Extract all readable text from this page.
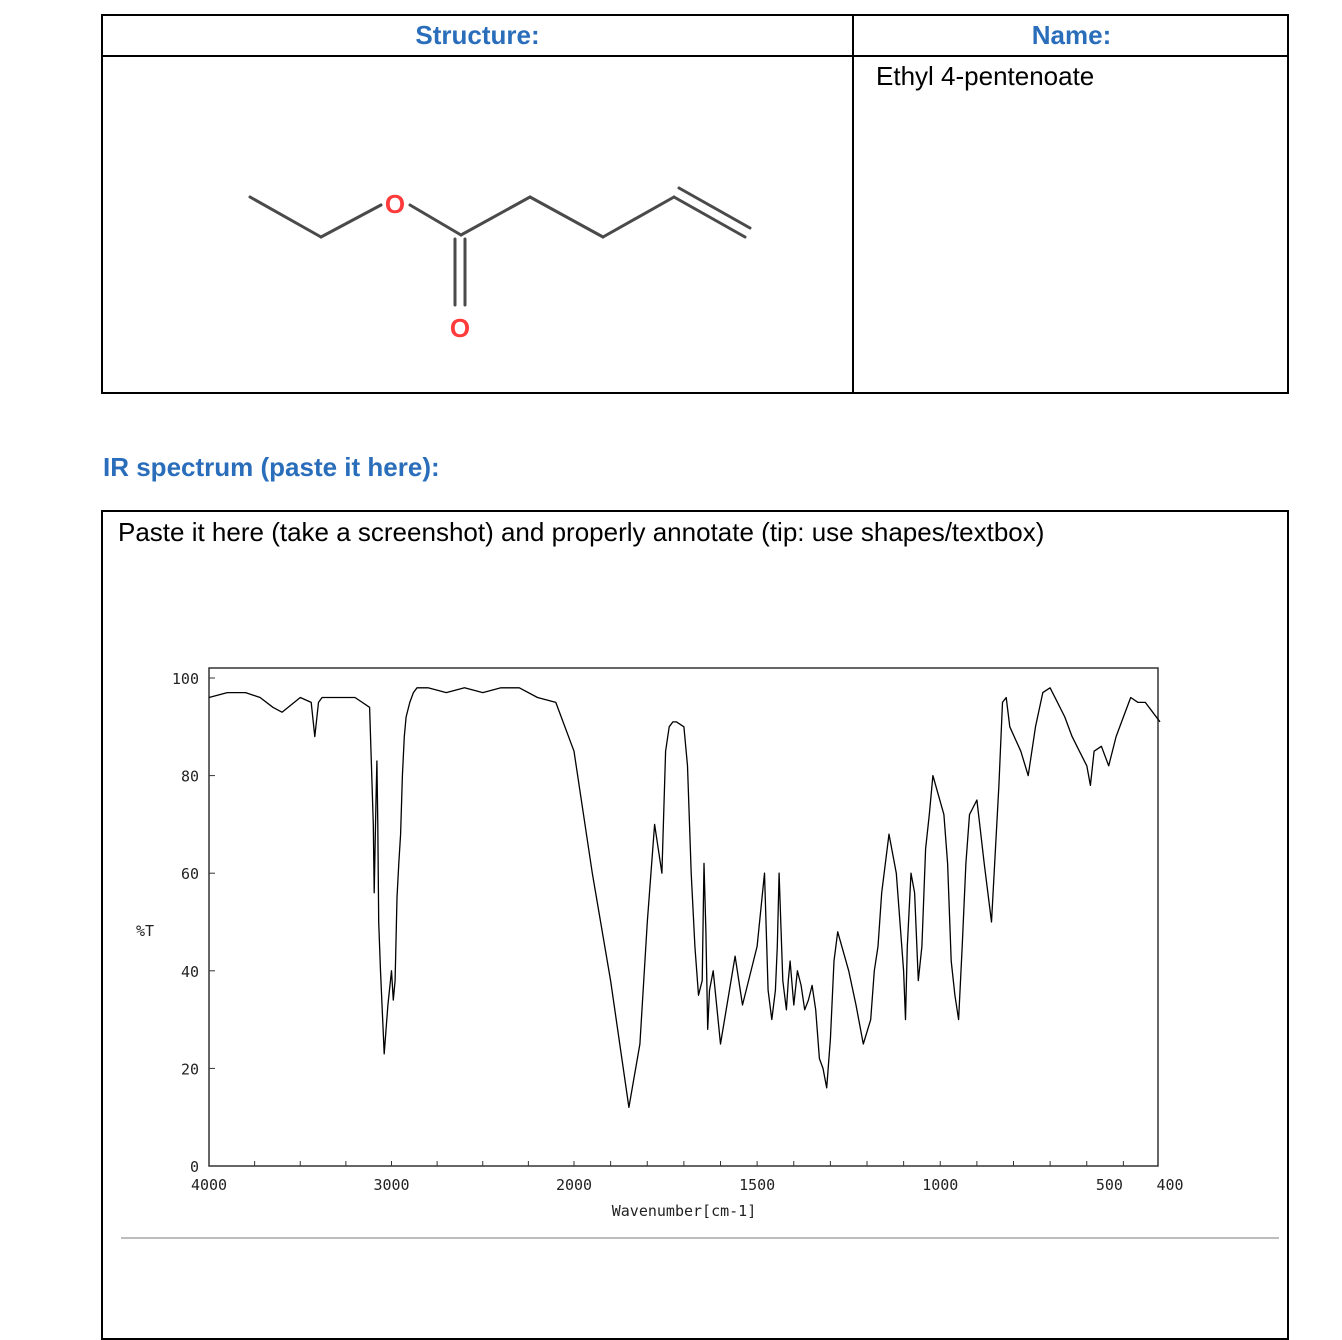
Structure:	Name:
Ethyl 4-pentenoate
O
O
IR spectrum (paste it here):
Paste it here (take a screenshot) and properly annotate (tip: use shapes/textbox)
0
20
40
60
80
100
4000	3000	2000	1500	1000	500 400
%T
Wavenumber[cm-1]
